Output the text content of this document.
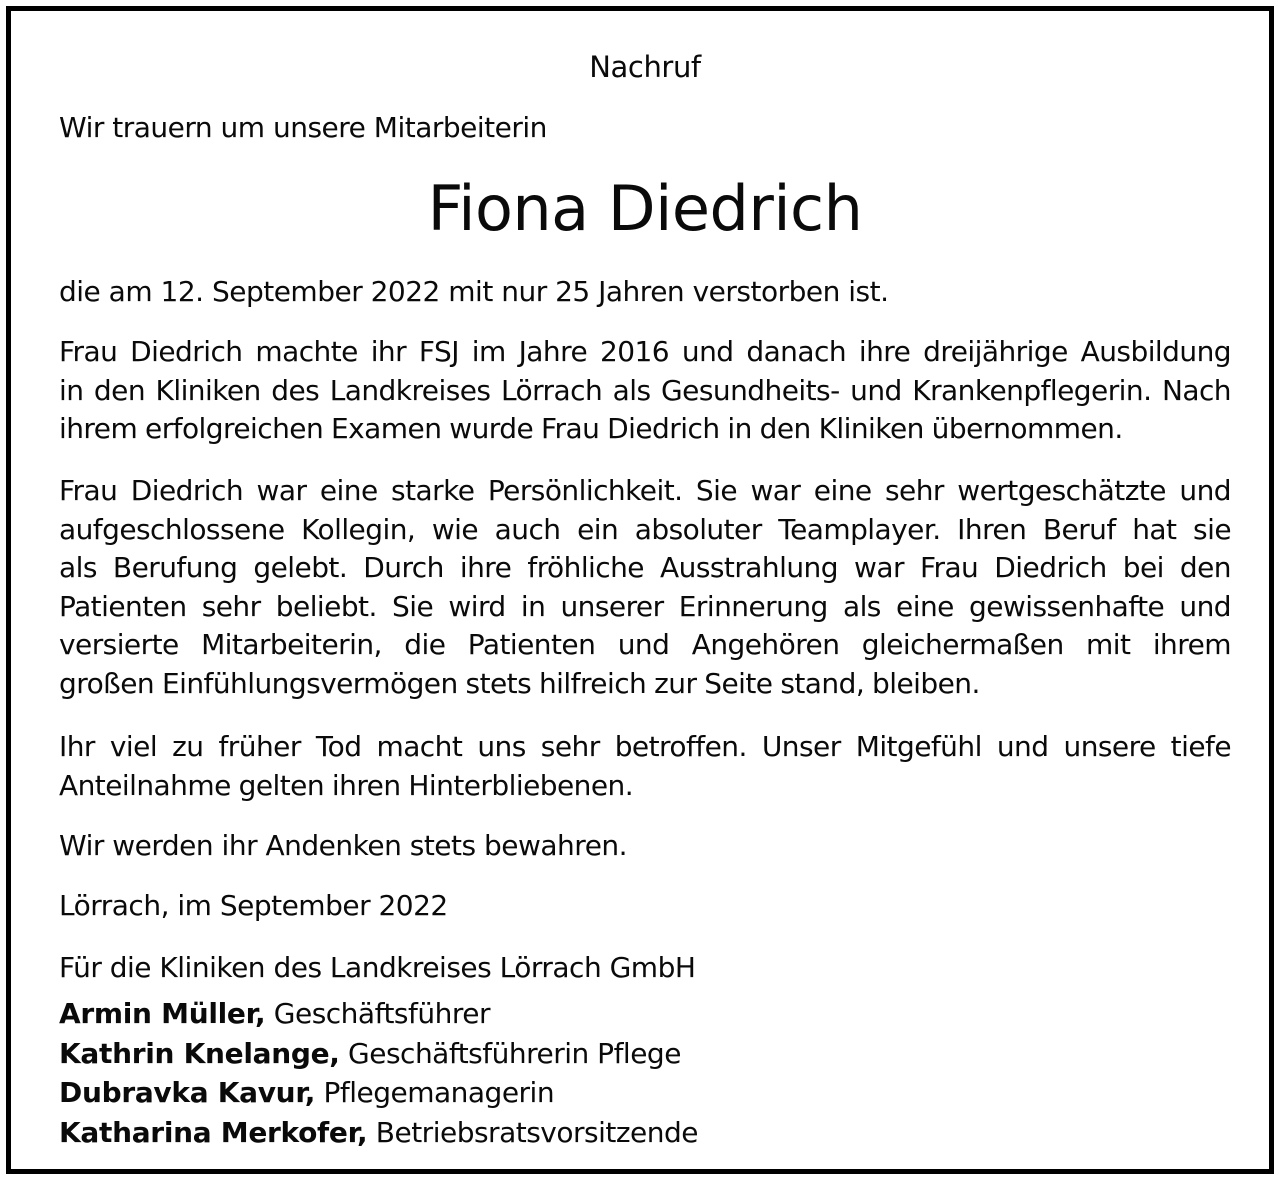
Nachruf
Wir trauern um unsere Mitarbeiterin
Fiona Diedrich
die am 12. September 2022 mit nur 25 Jahren verstorben ist.
Frau Diedrich machte ihr FSJ im Jahre 2016 und danach ihre dreijährige Ausbildung
in den Kliniken des Landkreises Lörrach als Gesundheits- und Krankenpflegerin. Nach
ihrem erfolgreichen Examen wurde Frau Diedrich in den Kliniken übernommen.
Frau Diedrich war eine starke Persönlichkeit. Sie war eine sehr wertgeschätzte und
aufgeschlossene Kollegin, wie auch ein absoluter Teamplayer. Ihren Beruf hat sie
als Berufung gelebt. Durch ihre fröhliche Ausstrahlung war Frau Diedrich bei den
Patienten sehr beliebt. Sie wird in unserer Erinnerung als eine gewissenhafte und
versierte Mitarbeiterin, die Patienten und Angehören gleichermaßen mit ihrem
großen Einfühlungsvermögen stets hilfreich zur Seite stand, bleiben.
Ihr viel zu früher Tod macht uns sehr betroffen. Unser Mitgefühl und unsere tiefe
Anteilnahme gelten ihren Hinterbliebenen.
Wir werden ihr Andenken stets bewahren.
Lörrach, im September 2022
Für die Kliniken des Landkreises Lörrach GmbH
Armin Müller, Geschäftsführer
Kathrin Knelange, Geschäftsführerin Pflege
Dubravka Kavur, Pflegemanagerin
Katharina Merkofer, Betriebsratsvorsitzende
